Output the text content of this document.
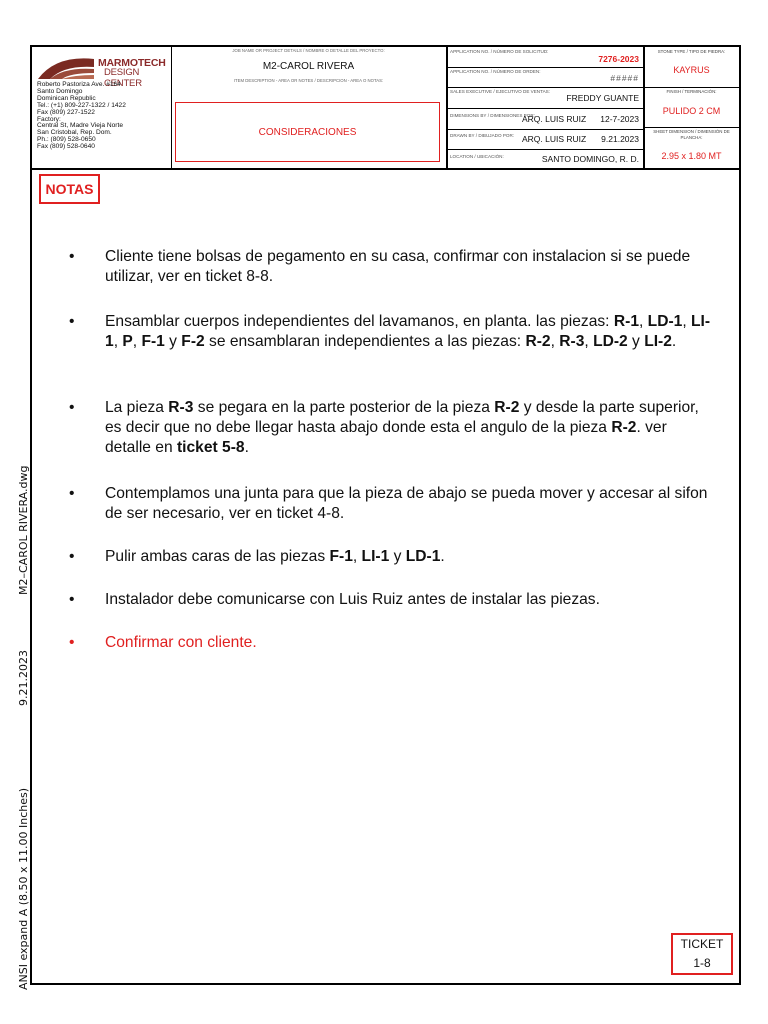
MARMOTECH
DESIGN CENTER
Roberto Pastoriza Ave. #164
Santo Domingo
Dominican Republic
Tel.: (+1) 809-227-1322 / 1422
Fax (809) 227-1522
Factory:
Central St, Madre Vieja Norte
San Cristobal, Rep. Dom.
Ph.: (809) 528-0650
Fax (809) 528-0640
JOB NAME OR PROJECT DETAILS / NOMBRE O DETALLE DEL PROYECTO:
M2-CAROL RIVERA
ITEM DESCRIPTION - AREA OR NOTES / DESCRIPCION - AREA O NOTAS:
CONSIDERACIONES
APPLICATION NO. / NÚMERO DE SOLICITUD:
7276-2023
APPLICATION NO. / NÚMERO DE ORDEN:
#####
SALES EXECUTIVE / EJECUTIVO DE VENTAS:
FREDDY GUANTE
DIMENSIONS BY / DIMENSIONES POR:
ARQ. LUIS RUIZ 12-7-2023
DRAWN BY / DIBUJADO POR: ARQ. LUIS RUIZ 9.21.2023
LOCATION / UBICACIÓN:	SANTO DOMINGO, R. D.
STONE TYPE / TIPO DE PIEDRA:
KAYRUS
FINISH / TERMINACIÓN:
PULIDO 2 CM
SHEET DIMENSION / DIMENSIÓN DE PLANCHA:
2.95 x 1.80 MT
NOTAS
• Cliente tiene bolsas de pegamento en su casa, confirmar con instalacion si se puede utilizar, ver en ticket 8-8.
• Ensamblar cuerpos independientes del lavamanos, en planta. las piezas: R-1, LD-1, LI-1, P, F-1 y F-2 se ensamblaran independientes a las piezas: R-2, R-3, LD-2 y LI-2.
• La pieza R-3 se pegara en la parte posterior de la pieza R-2 y desde la parte superior, es decir que no debe llegar hasta abajo donde esta el angulo de la pieza R-2. ver detalle en ticket 5-8.
• Contemplamos una junta para que la pieza de abajo se pueda mover y accesar al sifon de ser necesario, ver en ticket 4-8.
• Pulir ambas caras de las piezas F-1, LI-1 y LD-1.
• Instalador debe comunicarse con Luis Ruiz antes de instalar las piezas.
• Confirmar con cliente.
TICKET
1-8
M2–CAROL RIVERA.dwg
9.21.2023
ANSI expand A (8.50 x 11.00 Inches)
